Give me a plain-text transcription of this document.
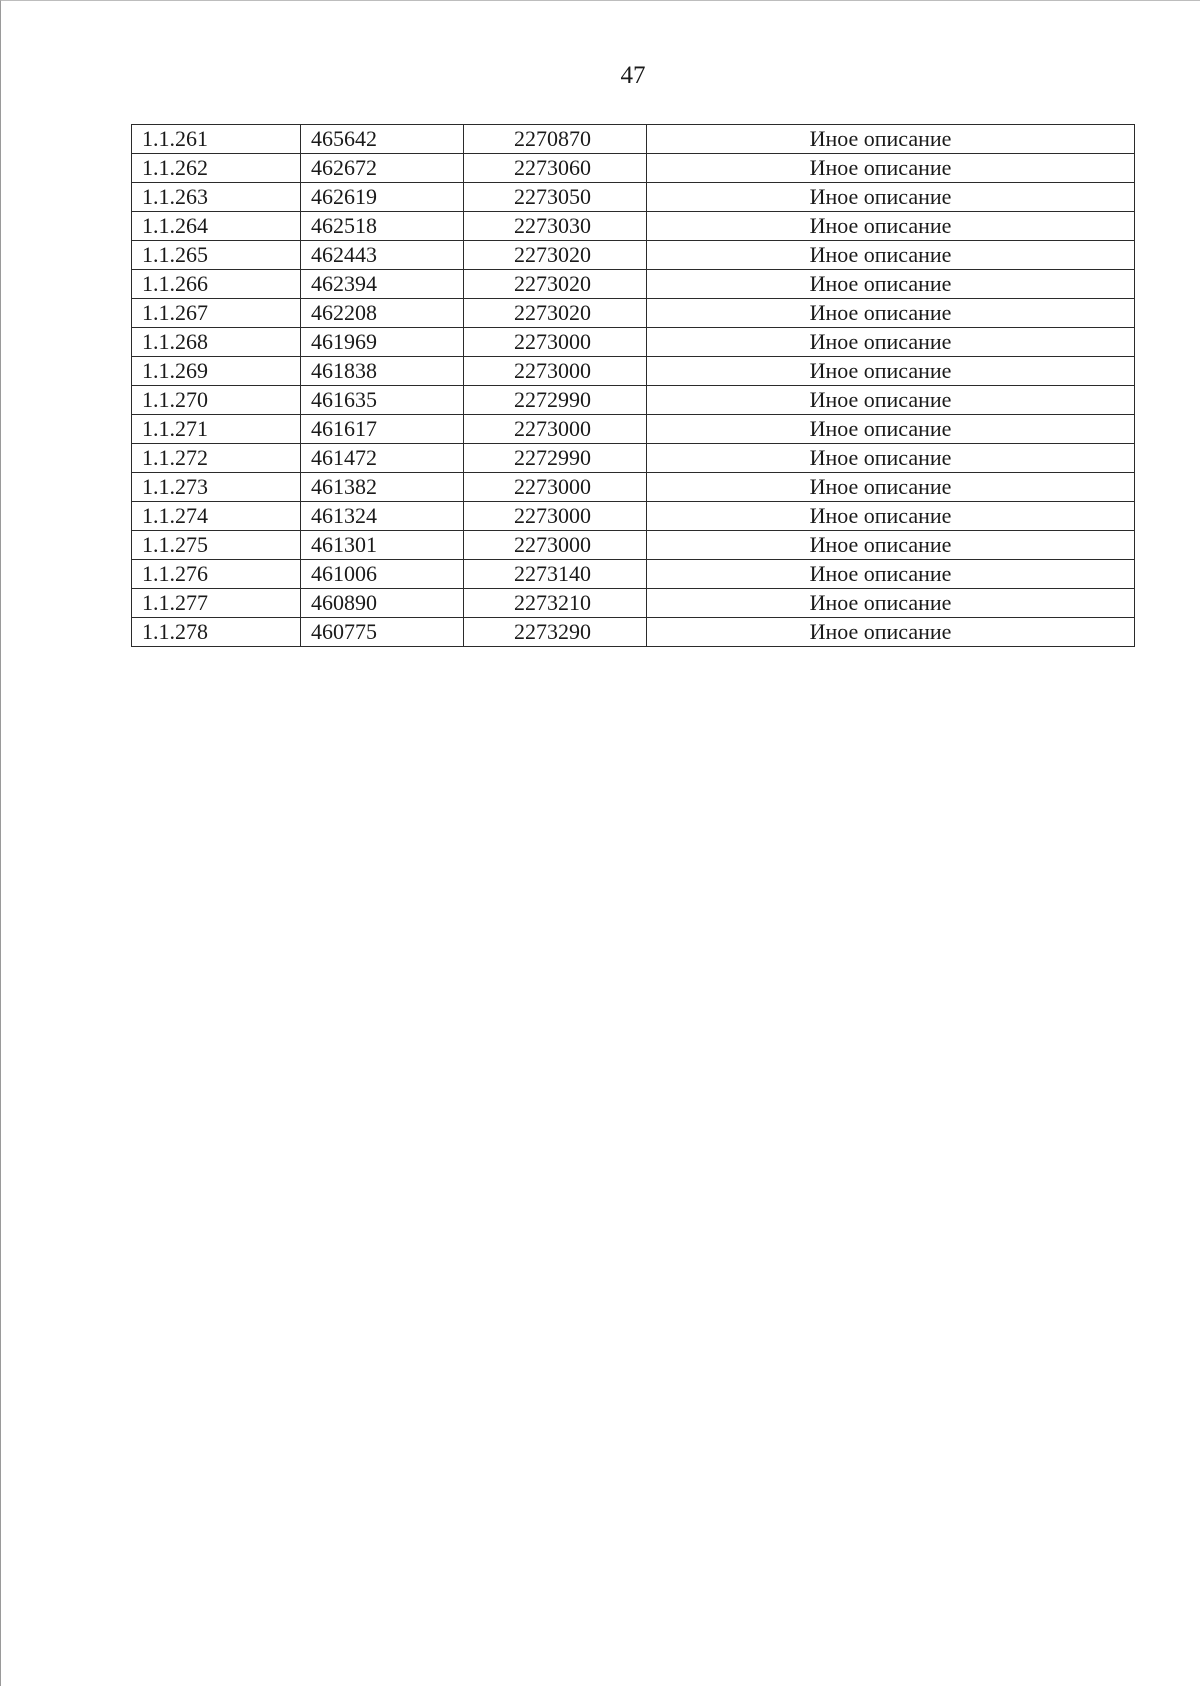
47
1.1.261	465642	2270870	Иное описание
1.1.262	462672	2273060	Иное описание
1.1.263	462619	2273050	Иное описание
1.1.264	462518	2273030	Иное описание
1.1.265	462443	2273020	Иное описание
1.1.266	462394	2273020	Иное описание
1.1.267	462208	2273020	Иное описание
1.1.268	461969	2273000	Иное описание
1.1.269	461838	2273000	Иное описание
1.1.270	461635	2272990	Иное описание
1.1.271	461617	2273000	Иное описание
1.1.272	461472	2272990	Иное описание
1.1.273	461382	2273000	Иное описание
1.1.274	461324	2273000	Иное описание
1.1.275	461301	2273000	Иное описание
1.1.276	461006	2273140	Иное описание
1.1.277	460890	2273210	Иное описание
1.1.278	460775	2273290	Иное описание
